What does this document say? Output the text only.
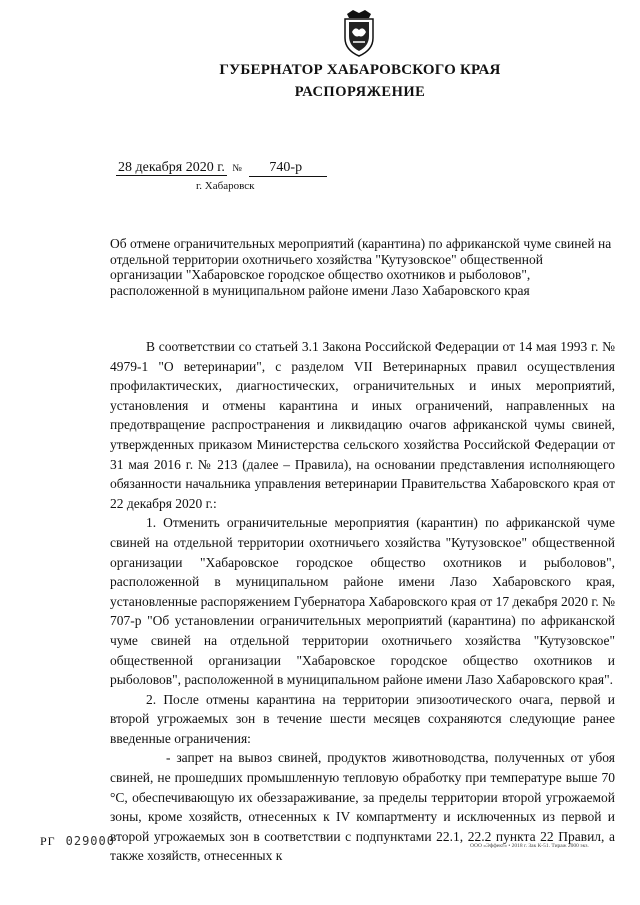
ГУБЕРНАТОР ХАБАРОВСКОГО КРАЯ
РАСПОРЯЖЕНИЕ
28 декабря 2020 г. № 740-р
г. Хабаровск
Об отмене ограничительных мероприятий (карантина) по африканской чуме свиней на отдельной территории охотничьего хозяйства "Кутузовское" общественной организации "Хабаровское городское общество охотников и рыболовов", расположенной в муниципальном районе имени Лазо Хабаровского края

В соответствии со статьей 3.1 Закона Российской Федерации от 14 мая 1993 г. № 4979-1 "О ветеринарии", с разделом VII Ветеринарных правил осуществления профилактических, диагностических, ограничительных и иных мероприятий, установления и отмены карантина и иных ограничений, направленных на предотвращение распространения и ликвидацию очагов африканской чумы свиней, утвержденных приказом Министерства сельского хозяйства Российской Федерации от 31 мая 2016 г. № 213 (далее – Правила), на основании представления исполняющего обязанности начальника управления ветеринарии Правительства Хабаровского края от 22 декабря 2020 г.:

1. Отменить ограничительные мероприятия (карантин) по африканской чуме свиней на отдельной территории охотничьего хозяйства "Кутузовское" общественной организации "Хабаровское городское общество охотников и рыболовов", расположенной в муниципальном районе имени Лазо Хабаровского края, установленные распоряжением Губернатора Хабаровского края от 17 декабря 2020 г. № 707-р "Об установлении ограничительных мероприятий (карантина) по африканской чуме свиней на отдельной территории охотничьего хозяйства "Кутузовское" общественной организации "Хабаровское городское общество охотников и рыболовов", расположенной в муниципальном районе имени Лазо Хабаровского края".

2. После отмены карантина на территории эпизоотического очага, первой и второй угрожаемых зон в течение шести месяцев сохраняются следующие ранее введенные ограничения:

- запрет на вывоз свиней, продуктов животноводства, полученных от убоя свиней, не прошедших промышленную тепловую обработку при температуре выше 70 °С, обеспечивающую их обеззараживание, за пределы территории второй угрожаемой зоны, кроме хозяйств, отнесенных к IV компартменту и исключенных из первой и второй угрожаемых зон в соответствии с подпунктами 22.1, 22.2 пункта 22 Правил, а также хозяйств, отнесенных к

РГ 029000	ООО «Эффект» • 2018 г. Зак К-51. Тираж 2000 экз.
